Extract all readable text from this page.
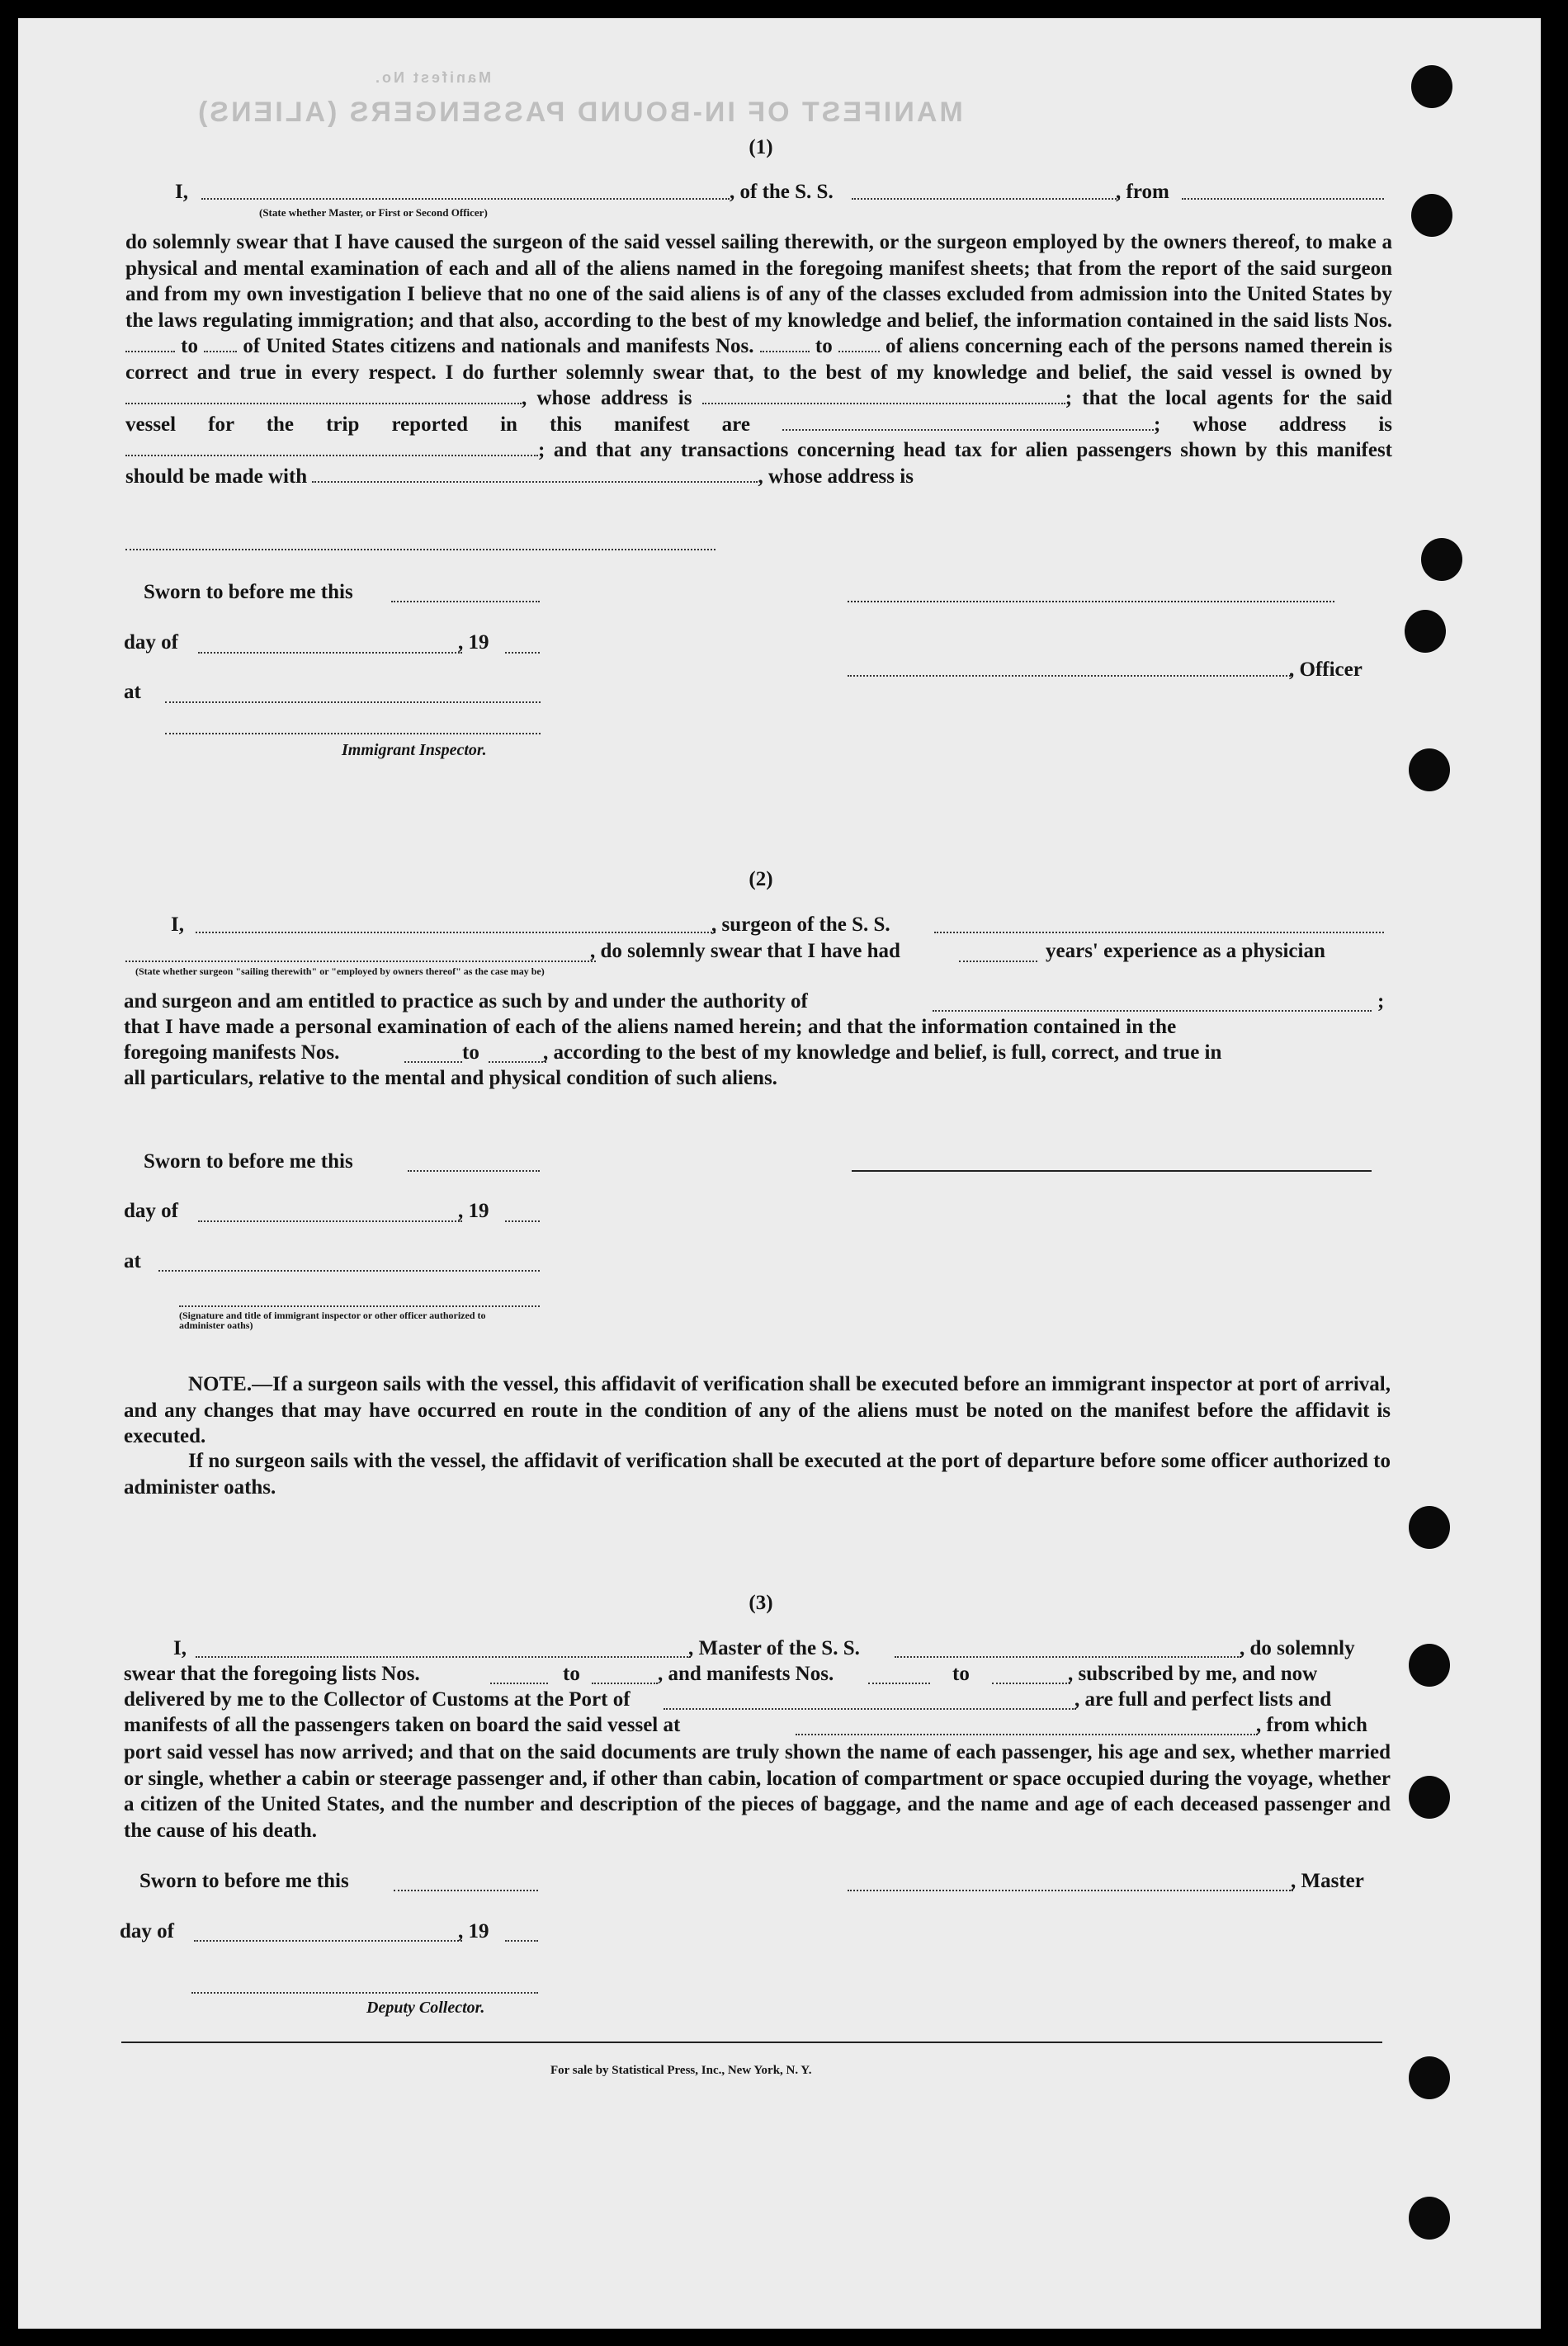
MANIFEST OF IN-BOUND PASSENGERS (ALIENS)
Manifest No.
(1)
I,	, of the S. S.	, from
(State whether Master, or First or Second Officer)
do solemnly swear that I have caused the surgeon of the said vessel sailing therewith, or the surgeon employed by the owners thereof, to make a physical and mental examination of each and all of the aliens named in the foregoing manifest sheets; that from the report of the said surgeon and from my own investigation I believe that no one of the said aliens is of any of the classes excluded from admission into the United States by the laws regulating immigration; and that also, according to the best of my knowledge and belief, the information contained in the said lists Nos.  to of United States citizens and nationals and manifests Nos.	to	of aliens concerning each of the persons named therein is correct and true in every respect. I do further solemnly swear that, to the best of my knowledge and belief, the said vessel is owned by , whose address is	; that the local agents for the said vessel for the trip reported in this manifest are	; whose address is ; and that any transactions concerning head tax for alien passengers shown by this manifest should be made with	, whose address is
Sworn to before me this
day of	, 19
, Officer
at
Immigrant Inspector.
(2)
I,	, surgeon of the S. S.
, do solemnly swear that I have had	years' experience as a physician
(State whether surgeon "sailing therewith" or "employed by owners thereof" as the case may be)
and surgeon and am entitled to practice as such by and under the authority of	;
that I have made a personal examination of each of the aliens named herein; and that the information contained in the
foregoing manifests Nos.	to	, according to the best of my knowledge and belief, is full, correct, and true in
all particulars, relative to the mental and physical condition of such aliens.
Sworn to before me this
day of	, 19
at
(Signature and title of immigrant inspector or other officer authorized to administer oaths)
NOTE.—If a surgeon sails with the vessel, this affidavit of verification shall be executed before an immigrant inspector at port of arrival, and any changes that may have occurred en route in the condition of any of the aliens must be noted on the manifest before the affidavit is executed.
If no surgeon sails with the vessel, the affidavit of verification shall be executed at the port of departure before some officer authorized to administer oaths.
(3)
I,	, Master of the S. S.	, do solemnly
swear that the foregoing lists Nos.	to	, and manifests Nos.	to	, subscribed by me, and now
delivered by me to the Collector of Customs at the Port of	, are full and perfect lists and
manifests of all the passengers taken on board the said vessel at	, from which
port said vessel has now arrived; and that on the said documents are truly shown the name of each passenger, his age and sex, whether married or single, whether a cabin or steerage passenger and, if other than cabin, location of compartment or space occupied during the voyage, whether a citizen of the United States, and the number and description of the pieces of baggage, and the name and age of each deceased passenger and the cause of his death.
Sworn to before me this	, Master
day of	, 19
Deputy Collector.
For sale by Statistical Press, Inc., New York, N. Y.
